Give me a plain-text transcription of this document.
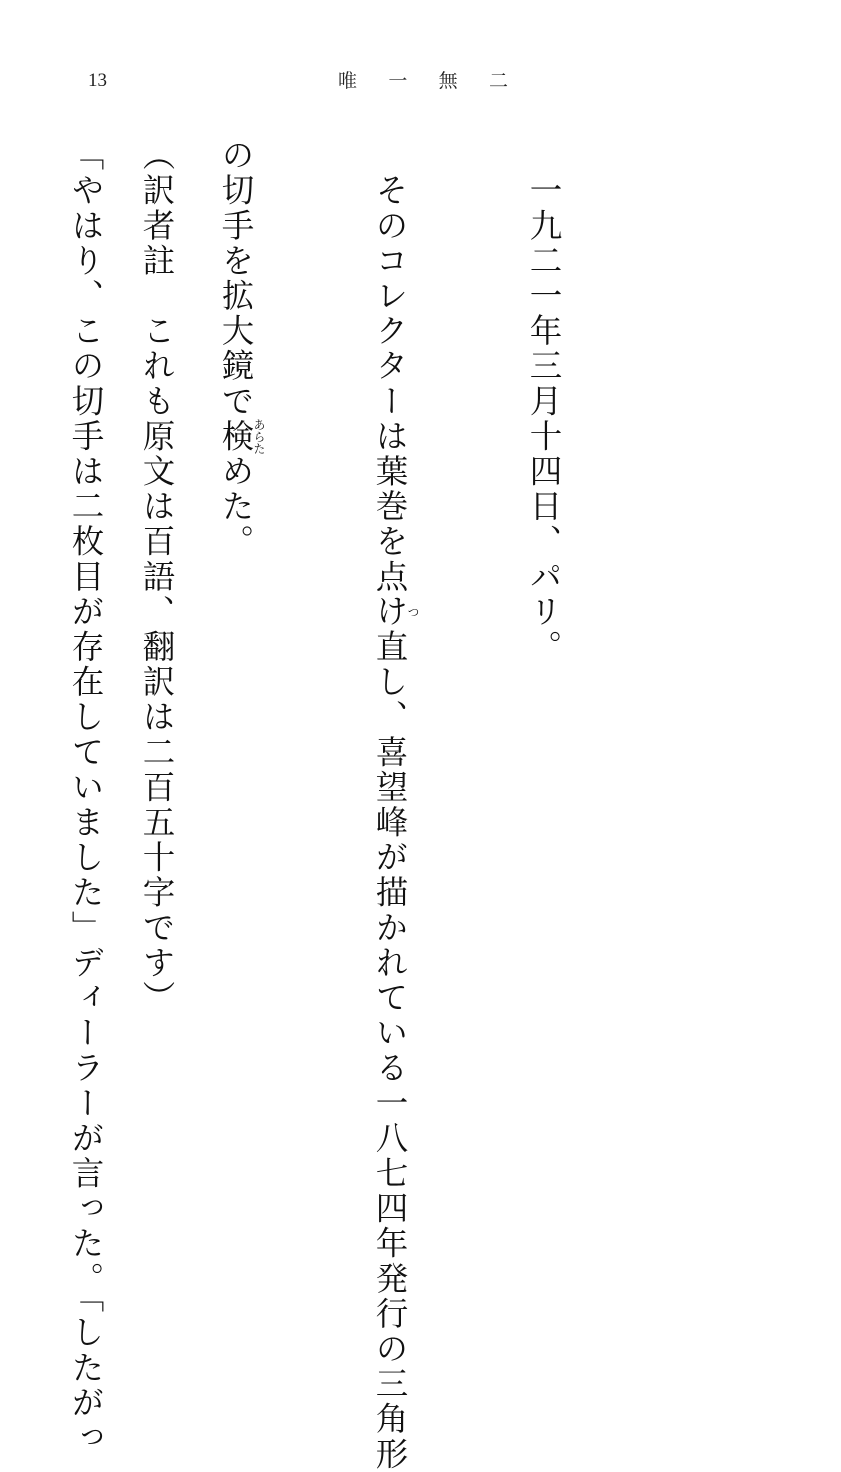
13	唯 一 無 二

　一九二一年三月十四日、パリ。

　そのコレクターは葉巻を点けつ直し、喜望峰が描かれている一八七四年発行の三角形

の切手を拡大鏡で検あらためた。

「やはり、この切手は二枚目が存在していました」ディーラーが言った。「したがっ

（訳者註　これも原文は百語、翻訳は二百五十字です）
